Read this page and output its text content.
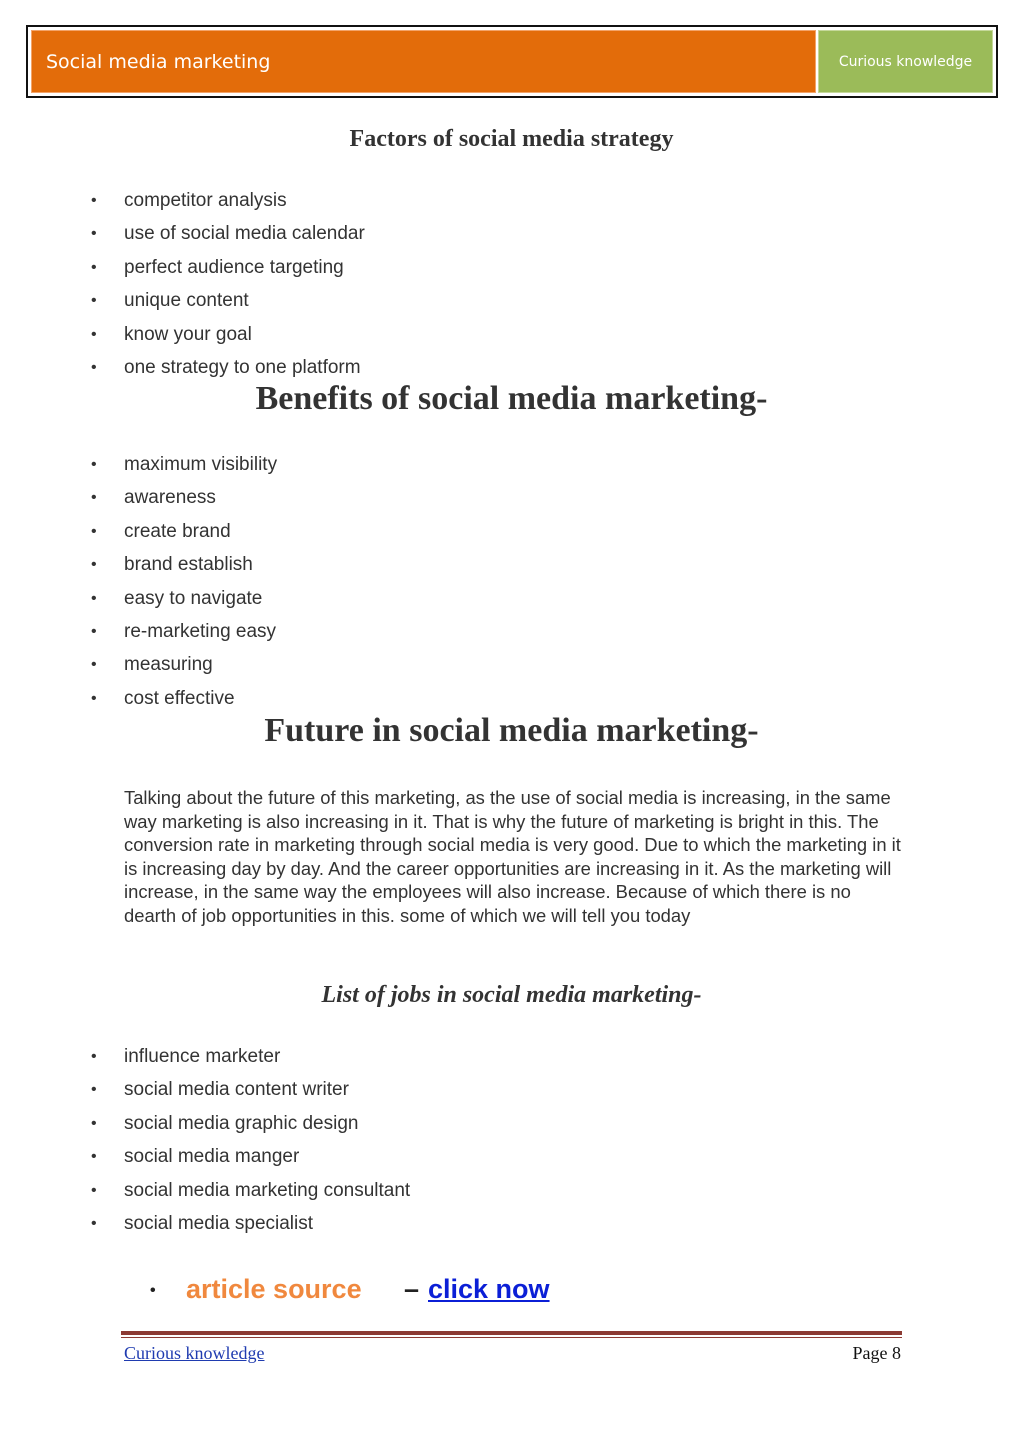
Social media marketing	Curious knowledge
Factors of social media strategy
• competitor analysis
• use of social media calendar
• perfect audience targeting
• unique content
• know your goal
• one strategy to one platform
Benefits of social media marketing-
• maximum visibility
• awareness
• create brand
• brand establish
• easy to navigate
• re-marketing easy
• measuring
• cost effective
Future in social media marketing-

Talking about the future of this marketing, as the use of social media is increasing, in the same way marketing is also increasing in it. That is why the future of marketing is bright in this. The conversion rate in marketing through social media is very good. Due to which the marketing in it is increasing day by day. And the career opportunities are increasing in it. As the marketing will increase, in the same way the employees will also increase. Because of which there is no dearth of job opportunities in this. some of which we will tell you today

List of jobs in social media marketing-
• influence marketer
• social media content writer
• social media graphic design
• social media manger
• social media marketing consultant
• social media specialist
• article source – click now
Curious knowledge	Page 8
